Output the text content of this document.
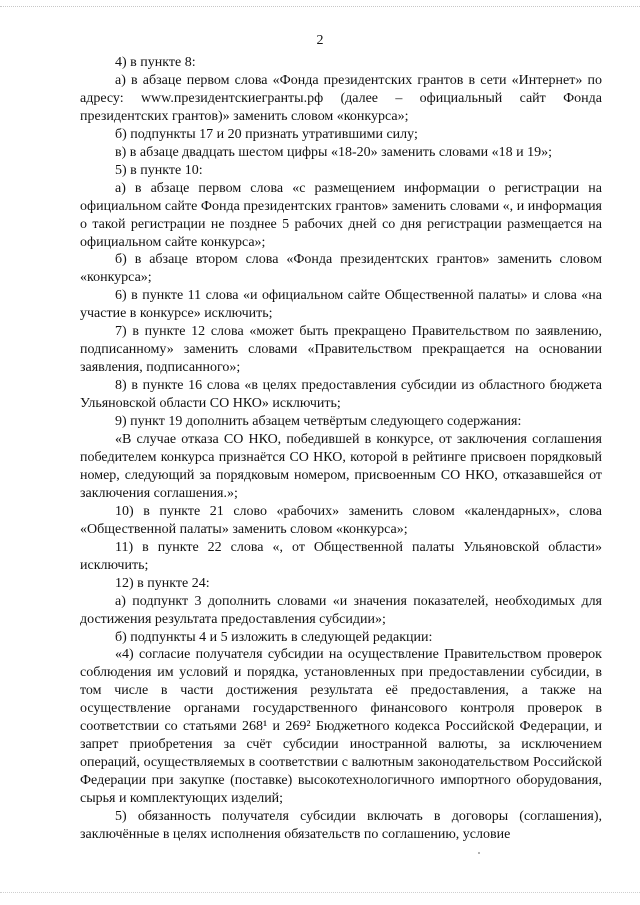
2

4) в пункте 8:

а) в абзаце первом слова «Фонда президентских грантов в сети «Интернет» по адресу: www.президентскиегранты.рф (далее – официальный сайт Фонда президентских грантов)» заменить словом «конкурса»;

б) подпункты 17 и 20 признать утратившими силу;

в) в абзаце двадцать шестом цифры «18-20» заменить словами «18 и 19»;

5) в пункте 10:

а) в абзаце первом слова «с размещением информации о регистрации на официальном сайте Фонда президентских грантов» заменить словами «, и информация о такой регистрации не позднее 5 рабочих дней со дня регистрации размещается на официальном сайте конкурса»;

б) в абзаце втором слова «Фонда президентских грантов» заменить словом «конкурса»;

6) в пункте 11 слова «и официальном сайте Общественной палаты» и слова «на участие в конкурсе» исключить;

7) в пункте 12 слова «может быть прекращено Правительством по заявлению, подписанному» заменить словами «Правительством прекращается на основании заявления, подписанного»;

8) в пункте 16 слова «в целях предоставления субсидии из областного бюджета Ульяновской области СО НКО» исключить;

9) пункт 19 дополнить абзацем четвёртым следующего содержания:

«В случае отказа СО НКО, победившей в конкурсе, от заключения соглашения победителем конкурса признаётся СО НКО, которой в рейтинге присвоен порядковый номер, следующий за порядковым номером, присвоенным СО НКО, отказавшейся от заключения соглашения.»;

10) в пункте 21 слово «рабочих» заменить словом «календарных», слова «Общественной палаты» заменить словом «конкурса»;

11) в пункте 22 слова «, от Общественной палаты Ульяновской области» исключить;

12) в пункте 24:

а) подпункт 3 дополнить словами «и значения показателей, необходимых для достижения результата предоставления субсидии»;

б) подпункты 4 и 5 изложить в следующей редакции:

«4) согласие получателя субсидии на осуществление Правительством проверок соблюдения им условий и порядка, установленных при предоставлении субсидии, в том числе в части достижения результата её предоставления, а также на осуществление органами государственного финансового контроля проверок в соответствии со статьями 268¹ и 269² Бюджетного кодекса Российской Федерации, и запрет приобретения за счёт субсидии иностранной валюты, за исключением операций, осуществляемых в соответствии с валютным законодательством Российской Федерации при закупке (поставке) высокотехнологичного импортного оборудования, сырья и комплектующих изделий;

5) обязанность получателя субсидии включать в договоры (соглашения), заключённые в целях исполнения обязательств по соглашению, условие
